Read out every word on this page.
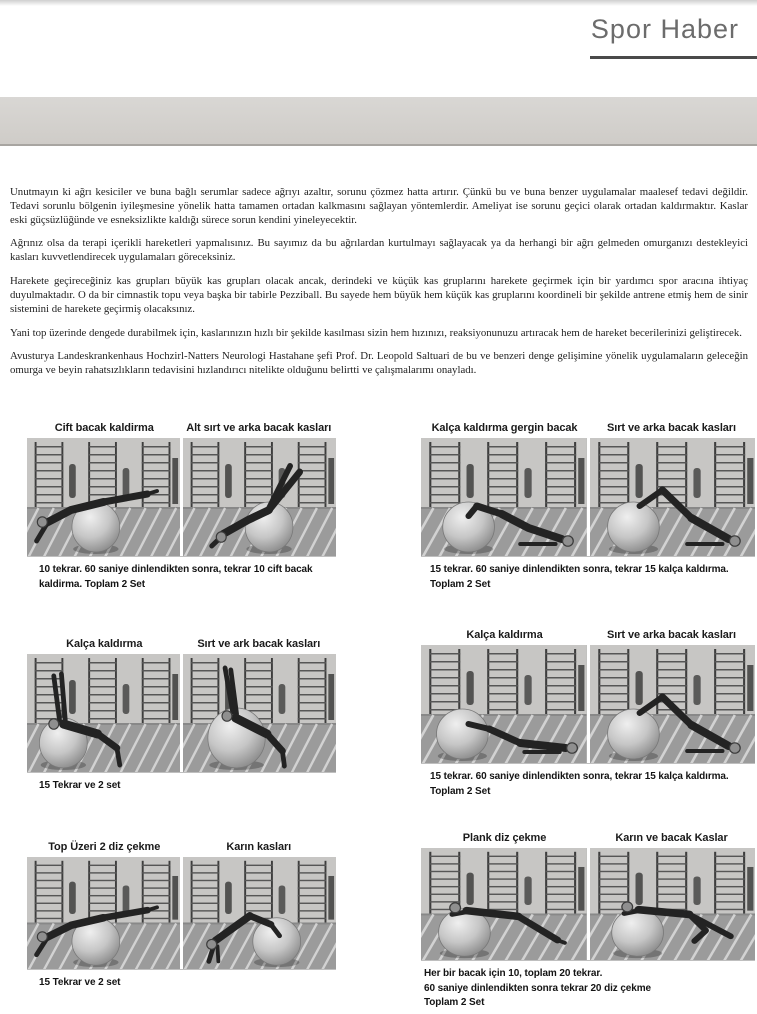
Spor Haber

Unutmayın ki ağrı kesiciler ve buna bağlı serumlar sadece ağrıyı azaltır, sorunu çözmez hatta artırır. Çünkü bu ve buna benzer uygulamalar maalesef tedavi değildir. Tedavi sorunlu bölgenin iyileşmesine yönelik hatta tamamen ortadan kalkmasını sağlayan yöntemlerdir. Ameliyat ise sorunu geçici olarak ortadan kaldırmaktır. Kaslar eski güçsüzlüğünde ve esneksizlikte kaldığı sürece sorun kendini yineleyecektir.

Ağrınız olsa da terapi içerikli hareketleri yapmalısınız. Bu sayımız da bu ağrılardan kurtulmayı sağlayacak ya da herhangi bir ağrı gelmeden omurganızı destekleyici kasları kuvvetlendirecek uygulamaları göreceksiniz.

Harekete geçireceğiniz kas grupları büyük kas grupları olacak ancak, derindeki ve küçük kas gruplarını harekete geçirmek için bir yardımcı spor aracına ihtiyaç duyulmaktadır. O da bir cimnastik topu veya başka bir tabirle Pezziball. Bu sayede hem büyük hem küçük kas gruplarını koordineli bir şekilde antrene etmiş hem de sinir sistemini de harekete geçirmiş olacaksınız.

Yani top üzerinde dengede durabilmek için, kaslarınızın hızlı bir şekilde kasılması sizin hem hızınızı, reaksiyonunuzu artıracak hem de hareket becerilerinizi geliştirecek.

Avusturya Landeskrankenhaus Hochzirl-Natters Neurologi Hastahane şefi Prof. Dr. Leopold Saltuari de bu ve benzeri denge gelişimine yönelik uygulamaların geleceğin omurga ve beyin rahatsızlıkların tedavisini hızlandırıcı nitelikte olduğunu belirtti ve çalışmalarımı onayladı.

Cift bacak kaldirma	Alt sırt ve arka bacak kasları
10 tekrar. 60 saniye dinlendikten sonra, tekrar 10 cift bacak
kaldirma. Toplam 2 Set
Kalça kaldırma gergin bacak	Sırt ve arka bacak kasları
15 tekrar. 60 saniye dinlendikten sonra, tekrar 15 kalça kaldırma.
Toplam 2 Set
Kalça kaldırma	Sırt ve ark bacak kasları
15 Tekrar ve 2 set
Kalça kaldırma	Sırt ve arka bacak kasları
15 tekrar. 60 saniye dinlendikten sonra, tekrar 15 kalça kaldırma.
Toplam 2 Set
Top Üzeri 2 diz çekme	Karın kasları
15 Tekrar ve 2 set
Plank diz çekme	Karın ve bacak Kaslar
Her bir bacak için 10, toplam 20 tekrar.
60 saniye dinlendikten sonra tekrar 20 diz çekme
Toplam 2 Set
